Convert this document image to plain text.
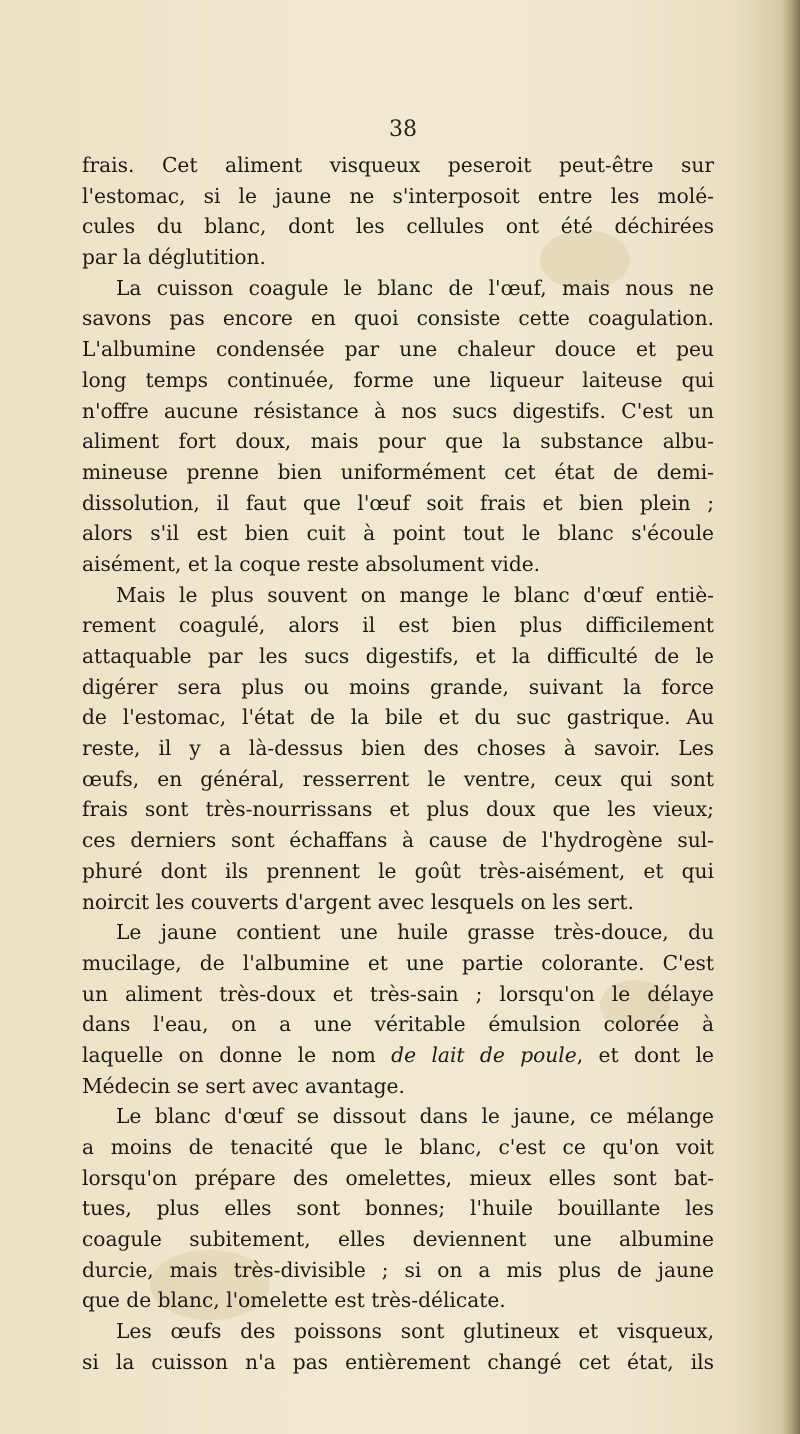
38

frais. Cet aliment visqueux peseroit peut-être sur
l'estomac, si le jaune ne s'interposoit entre les molé-
cules du blanc, dont les cellules ont été déchirées
par la déglutition.
La cuisson coagule le blanc de l'œuf, mais nous ne
savons pas encore en quoi consiste cette coagulation.
L'albumine condensée par une chaleur douce et peu
long temps continuée, forme une liqueur laiteuse qui
n'offre aucune résistance à nos sucs digestifs. C'est un
aliment fort doux, mais pour que la substance albu-
mineuse prenne bien uniformément cet état de demi-
dissolution, il faut que l'œuf soit frais et bien plein ;
alors s'il est bien cuit à point tout le blanc s'écoule
aisément, et la coque reste absolument vide.
Mais le plus souvent on mange le blanc d'œuf entiè-
rement coagulé, alors il est bien plus difficilement
attaquable par les sucs digestifs, et la difficulté de le
digérer sera plus ou moins grande, suivant la force
de l'estomac, l'état de la bile et du suc gastrique. Au
reste, il y a là-dessus bien des choses à savoir. Les
œufs, en général, resserrent le ventre, ceux qui sont
frais sont très-nourrissans et plus doux que les vieux;
ces derniers sont échaffans à cause de l'hydrogène sul-
phuré dont ils prennent le goût très-aisément, et qui
noircit les couverts d'argent avec lesquels on les sert.
Le jaune contient une huile grasse très-douce, du
mucilage, de l'albumine et une partie colorante. C'est
un aliment très-doux et très-sain ; lorsqu'on le délaye
dans l'eau, on a une véritable émulsion colorée à
laquelle on donne le nom de lait de poule, et dont le
Médecin se sert avec avantage.
Le blanc d'œuf se dissout dans le jaune, ce mélange
a moins de tenacité que le blanc, c'est ce qu'on voit
lorsqu'on prépare des omelettes, mieux elles sont bat-
tues, plus elles sont bonnes; l'huile bouillante les
coagule subitement, elles deviennent une albumine
durcie, mais très-divisible ; si on a mis plus de jaune
que de blanc, l'omelette est très-délicate.
Les œufs des poissons sont glutineux et visqueux,
si la cuisson n'a pas entièrement changé cet état, ils
